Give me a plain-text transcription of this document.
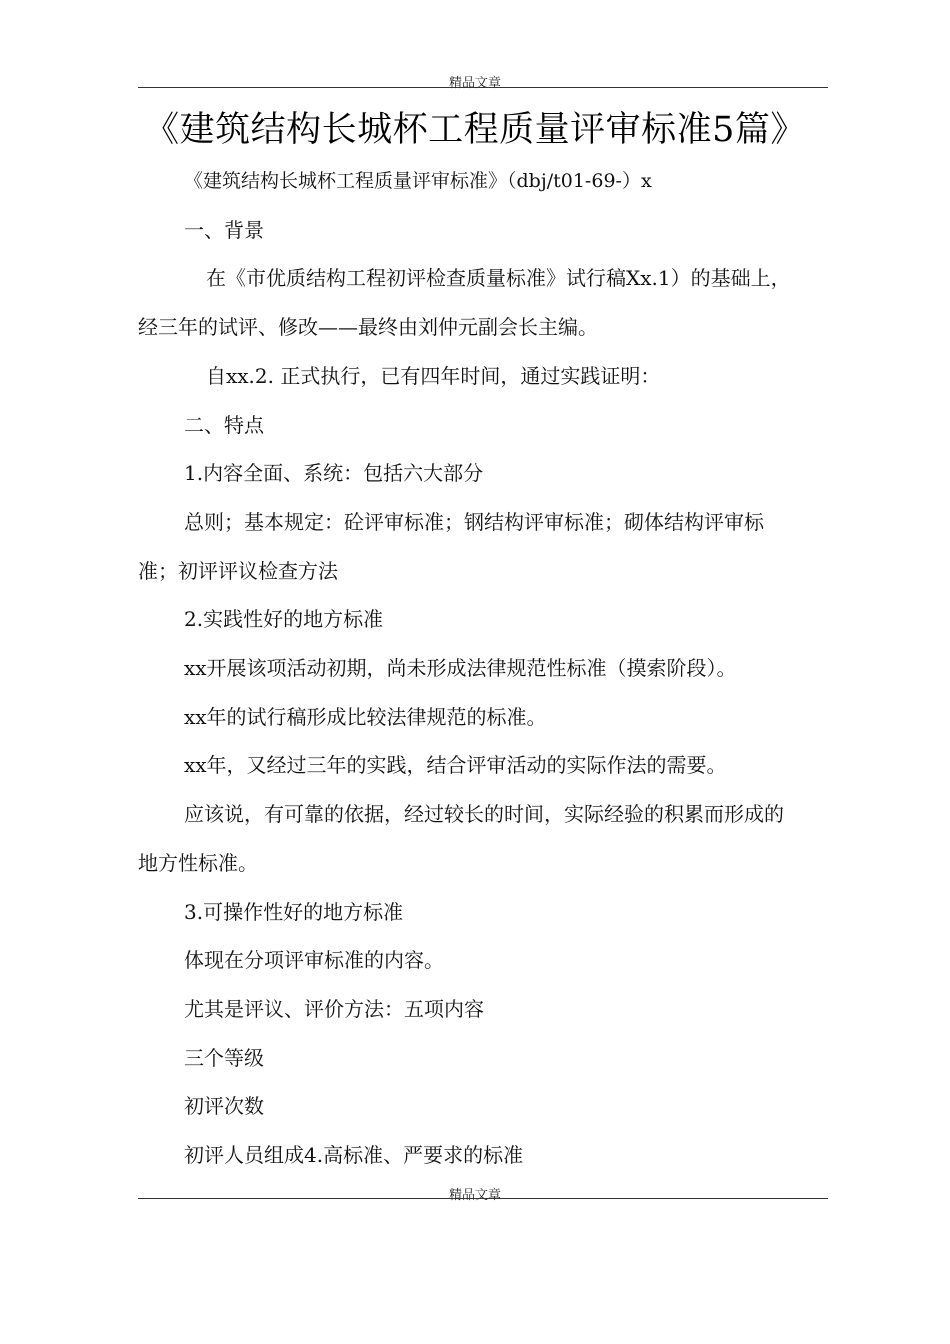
精品文章
《建筑结构长城杯工程质量评审标准5篇》

《建筑结构长城杯工程质量评审标准》（dbj/t01-69-）x

一、背景

在《市优质结构工程初评检查质量标准》试行稿Xx.1）的基础上，

经三年的试评、修改——最终由刘仲元副会长主编。

自xx.2. 正式执行，已有四年时间，通过实践证明：

二、特点

1.内容全面、系统：包括六大部分

总则；基本规定：砼评审标准；钢结构评审标准；砌体结构评审标

准；初评评议检查方法

2.实践性好的地方标准

xx开展该项活动初期，尚未形成法律规范性标准（摸索阶段）。

xx年的试行稿形成比较法律规范的标准。

xx年，又经过三年的实践，结合评审活动的实际作法的需要。

应该说，有可靠的依据，经过较长的时间，实际经验的积累而形成的

地方性标准。

3.可操作性好的地方标准

体现在分项评审标准的内容。

尤其是评议、评价方法：五项内容

三个等级

初评次数

初评人员组成4.高标准、严要求的标准

精品文章
